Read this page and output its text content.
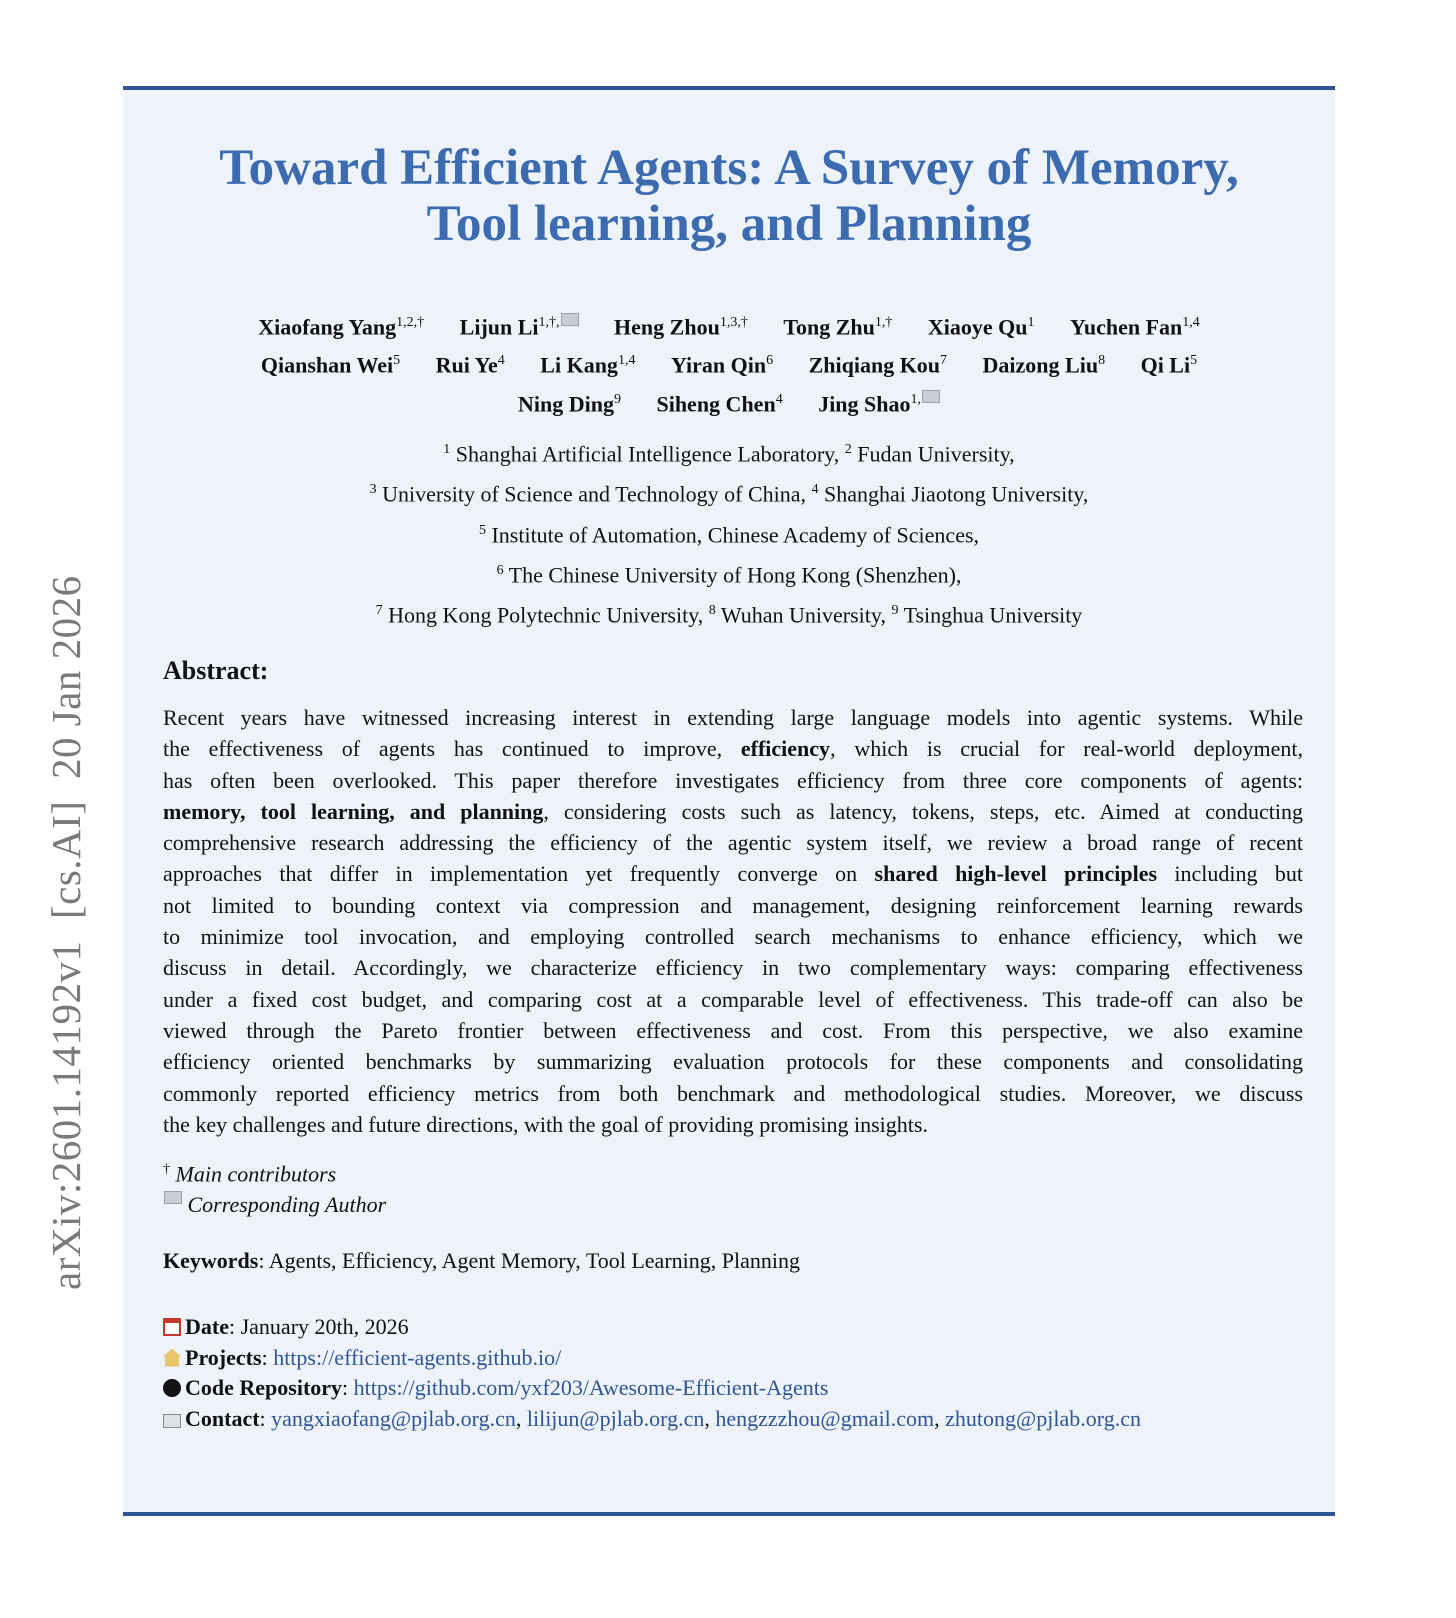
arXiv:2601.14192v1  [cs.AI]  20 Jan 2026
Toward Efficient Agents: A Survey of Memory,
Tool learning, and Planning
Xiaofang Yang$^{1,2,\dagger}$ Lijun $Li^{1,\dagger,}$ Heng Zhou$^{1,3,\dagger}$ Tong Zhu$^{1,\dagger}$ Xiaoye Qu$^1$ Yuchen Fan$^{1,4}$
Qianshan Wei$^5$ Rui Ye$^4$ Li Kang$^{1,4}$ Yiran Qin$^6$ Zhiqiang Kou$^7$ Daizong Liu$^8$ Qi Li$^5$
Ning Ding$^9$ Siheng Chen$^4$ Jing Shao$^{1,}$
$^1$ Shanghai Artificial Intelligence Laboratory, $^2$ Fudan University,
$^3$ University of Science and Technology of China, $^4$ Shanghai Jiaotong University,
$^5$ Institute of Automation, Chinese Academy of Sciences,
$^6$ The Chinese University of Hong Kong (Shenzhen),
$^7$ Hong Kong Polytechnic University, $^8$ Wuhan University, $^9$ Tsinghua University
Abstract:
Recent years have witnessed increasing interest in extending large language models into agentic systems. While
the effectiveness of agents has continued to improve, efficiency, which is crucial for real-world deployment,
has often been overlooked. This paper therefore investigates efficiency from three core components of agents:
memory, tool learning, and planning, considering costs such as latency, tokens, steps, etc. Aimed at conducting
comprehensive research addressing the efficiency of the agentic system itself, we review a broad range of recent
approaches that differ in implementation yet frequently converge on shared high-level principles including but
not limited to bounding context via compression and management, designing reinforcement learning rewards
to minimize tool invocation, and employing controlled search mechanisms to enhance efficiency, which we
discuss in detail. Accordingly, we characterize efficiency in two complementary ways: comparing effectiveness
under a fixed cost budget, and comparing cost at a comparable level of effectiveness. This trade-off can also be
viewed through the Pareto frontier between effectiveness and cost. From this perspective, we also examine
efficiency oriented benchmarks by summarizing evaluation protocols for these components and consolidating
commonly reported efficiency metrics from both benchmark and methodological studies. Moreover, we discuss
the key challenges and future directions, with the goal of providing promising insights.
† Main contributors
Corresponding Author
Keywords: Agents, Efficiency, Agent Memory, Tool Learning, Planning
Date: January 20th, 2026
Projects: https://efficient-agents.github.io/
Code Repository: https://github.com/yxf203/Awesome-Efficient-Agents
Contact: yangxiaofang@pjlab.org.cn, lilijun@pjlab.org.cn, hengzzzhou@gmail.com, zhutong@pjlab.org.cn
